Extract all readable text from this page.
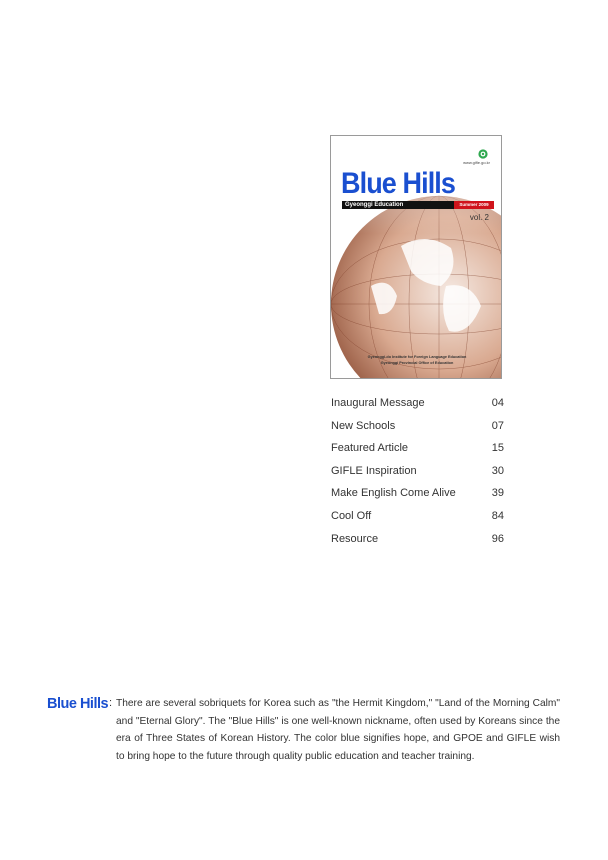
www.gifle.go.kr
Blue Hills
Gyeonggi Education	Summer 2009
vol. 2
Gyeonggi-do Institute for Foreign Language Education
Gyeonggi Provincial Office of Education
Inaugural Message	04
New Schools	07
Featured Article	15
GIFLE Inspiration	30
Make English Come Alive	39
Cool Off	84
Resource	96
Blue Hills : There are several sobriquets for Korea such as "the Hermit Kingdom," "Land of the Morning Calm" and "Eternal Glory". The "Blue Hills" is one well-known nickname, often used by Koreans since the era of Three States of Korean History. The color blue signifies hope, and GPOE and GIFLE wish to bring hope to the future through quality public education and teacher training.
